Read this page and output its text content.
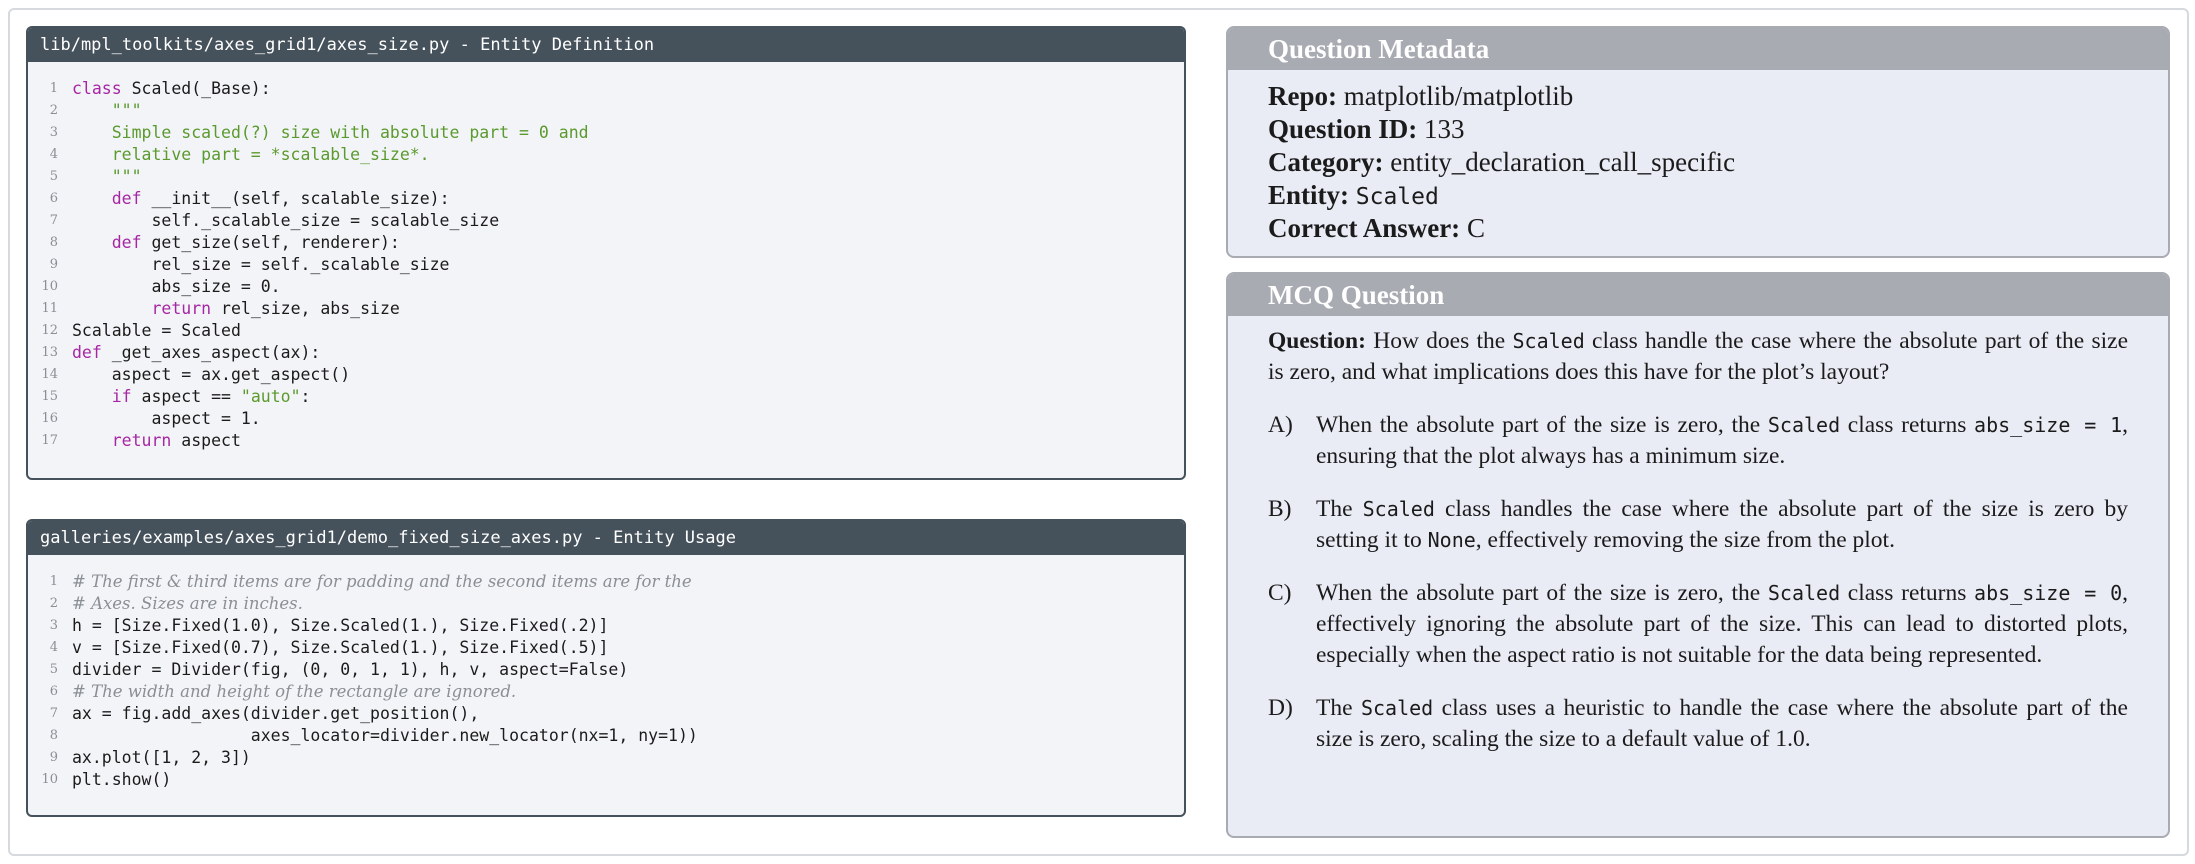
lib/mpl_toolkits/axes_grid1/axes_size.py - Entity Definition
1 class Scaled(_Base):
2 """
3 Simple scaled(?) size with absolute part = 0 and
4 relative part = *scalable_size*.
5 """
6	def __init__(self, scalable_size):
7 self._scalable_size = scalable_size
8	def get_size(self, renderer):
9 rel_size = self._scalable_size
10 abs_size = 0.
11	return rel_size, abs_size
12 Scalable = Scaled
13 def _get_axes_aspect(ax):
14 aspect = ax.get_aspect()
15	if aspect == "auto":
16 aspect = 1.
17	return aspect
galleries/examples/axes_grid1/demo_fixed_size_axes.py - Entity Usage
1 # The first & third items are for padding and the second items are for the
2 # Axes. Sizes are in inches.
3 h = [Size.Fixed(1.0), Size.Scaled(1.), Size.Fixed(.2)]
4 v = [Size.Fixed(0.7), Size.Scaled(1.), Size.Fixed(.5)]
5 divider = Divider(fig, (0, 0, 1, 1), h, v, aspect=False)
6 # The width and height of the rectangle are ignored.
7 ax = fig.add_axes(divider.get_position(),
8 axes_locator=divider.new_locator(nx=1, ny=1))
9 ax.plot([1, 2, 3])
10 plt.show()
Question Metadata
Repo: matplotlib/matplotlib
Question ID: 133
Category: entity_declaration_call_specific
Entity: Scaled
Correct Answer: C
MCQ Question
Question: How does the Scaled class handle the case where the absolute part of the size is zero, and what implications does this have for the plot’s layout?
A) When the absolute part of the size is zero, the Scaled class returns abs_size = 1, ensuring that the plot always has a minimum size.
B)	The Scaled class handles the case where the absolute part of the size is zero by setting it to None, effectively removing the size from the plot.
C)	When the absolute part of the size is zero, the Scaled class returns abs_size = 0, effectively ignoring the absolute part of the size. This can lead to distorted plots, especially when the aspect ratio is not suitable for the data being represented.
D) The Scaled class uses a heuristic to handle the case where the absolute part of the size is zero, scaling the size to a default value of 1.0.
